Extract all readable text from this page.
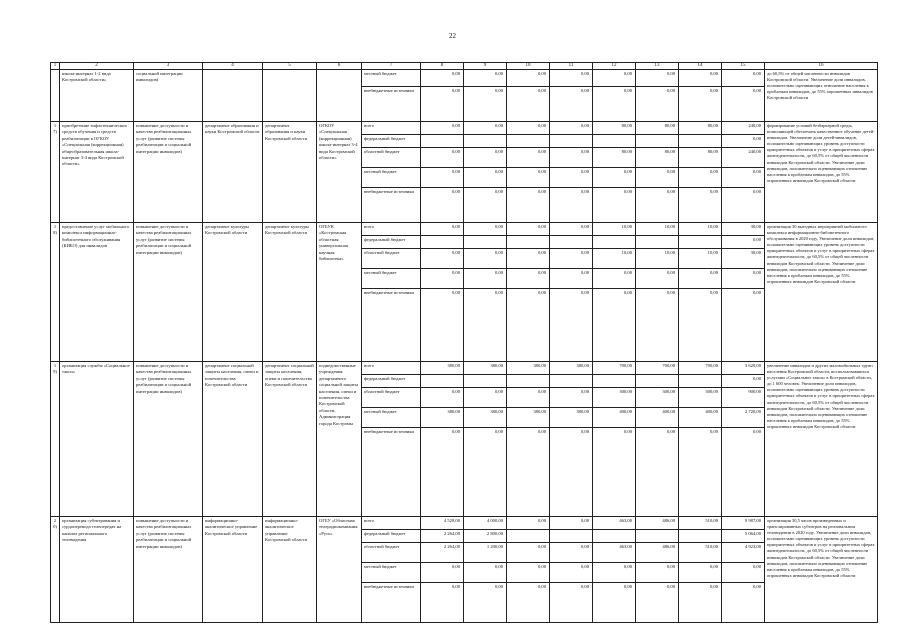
22
1	2	3	4	5	6	7	8	9	10	11	12	13	14	15	16
	школа-интернат 1-2 вида Костромской области»	социальной интеграции инвалидов)				местный бюджет	0,00	0,00	0,00	0,00	0,00	0,00	0,00	0,00	до 60,5% от общей численности инвалидов Костромской области. Увеличение доли инвалидов, положительно оценивающих отношение населения к проблемам инвалидов, до 55% опрошенных инвалидов Костромской области
						внебюджетные источники	0,00	0,00	0,00	0,00	0,00	0,00	0,00	0,00	
17)	приобретение тифлотехнических средств обучения и средств реабилитации в ОГКОУ «Специальная (коррекционная) общеобразовательная школа-интернат 3-4 вида Костромской области»	повышение доступности и качества реабилитационных услуг (развитие системы реабилитации и социальной интеграции инвалидов)	департамент образования и науки Костромской области	департамент образования и науки Костромской области	ОГКОУ «Специальная (коррекционная) школа-интернат 3-4 вида Костромской области»	всего	0,00	0,00	0,00	0,00	80,00	80,00	80,00	240,00	формирование условий безбарьерной среды, позволяющей обеспечить качественное обучение детей-инвалидов. Увеличение доли детей-инвалидов, положительно оценивающих уровень доступности приоритетных объектов и услуг в приоритетных сферах жизнедеятельности, до 60,5% от общей численности инвалидов Костромской области. Увеличение доли инвалидов, положительно оценивающих отношение населения к проблемам инвалидов, до 55% опрошенных инвалидов Костромской области
						федеральный бюджет								0,00	
						областной бюджет	0,00	0,00	0,00	0,00	80,00	80,00	80,00	240,00	
						местный бюджет	0,00	0,00	0,00	0,00	0,00	0,00	0,00	0,00	
						внебюджетные источники	0,00	0,00	0,00	0,00	0,00	0,00	0,00	0,00	
18)	предоставление услуг мобильного комплекса информационно-библиотечного обслуживания (КИБО) для инвалидов	повышение доступности и качества реабилитационных услуг (развитие системы реабилитации и социальной интеграции инвалидов)	департамент культуры Костромской области	департамент культуры Костромской области	ОГБУК «Костромская областная универсальная научная библиотека»	всего	0,00	0,00	0,00	0,00	10,00	10,00	10,00	30,00	организация 30 выездных мероприятий мобильного комплекса информационно-библиотечного обслуживания в 2020 году. Увеличение доли инвалидов, положительно оценивающих уровень доступности приоритетных объектов и услуг в приоритетных сферах жизнедеятельности, до 60,5% от общей численности инвалидов Костромской области. Увеличение доли инвалидов, положительно оценивающих отношение населения к проблемам инвалидов, до 55% опрошенных инвалидов Костромской области
						федеральный бюджет								0,00	
						областной бюджет	0,00	0,00	0,00	0,00	10,00	10,00	10,00	30,00	
						местный бюджет	0,00	0,00	0,00	0,00	0,00	0,00	0,00	0,00	
						внебюджетные источники	0,00	0,00	0,00	0,00	0,00	0,00	0,00	0,00	
19)	организация службы «Социальное такси»	повышение доступности и качества реабилитационных услуг (развитие системы реабилитации и социальной интеграции инвалидов)	департамент социальной защиты населения, опеки и попечительства Костромской области	департамент социальной защиты населения, опеки и попечительства Костромской области	подведомственные учреждения департамента социальной защиты населения, опеки и попечительства Костромской области, Администрация города Костромы	всего	380,00	380,00	380,00	380,00	700,00	700,00	700,00	3 620,00	увеличение инвалидов и других маломобильных групп населения Костромской области, воспользовавшихся услугами «Социальное такси» в Костромской области, до 1 600 человек. Увеличение доли инвалидов, положительно оценивающих уровень доступности приоритетных объектов и услуг в приоритетных сферах жизнедеятельности, до 60,5% от общей численности инвалидов Костромской области. Увеличение доли инвалидов, положительно оценивающих отношение населения к проблемам инвалидов, до 55% опрошенных инвалидов Костромской области
						федеральный бюджет								0,00	
						областной бюджет	0,00	0,00	0,00	0,00	300,00	300,00	300,00	900,00	
						местный бюджет	380,00	380,00	380,00	380,00	400,00	400,00	400,00	2 720,00	
						внебюджетные источники	0,00	0,00	0,00	0,00	0,00	0,00	0,00	0,00	
20)	организация субтитрования и сурдоперевода телепередач на каналах регионального телевидения	повышение доступности и качества реабилитационных услуг (развитие системы реабилитации и социальной интеграции инвалидов)	информационно-аналитическое управление Костромской области	информационно-аналитическое управление Костромской области	ОГБУ «Областная телерадиокомпания «Русь»	всего	4 528,00	4 000,00	0,00	0,00	463,00	486,00	510,00	9 987,00	организация 30,5 часов произведенных и транслированных субтитров на региональном телевидении в 2020 году. Увеличение доли инвалидов, положительно оценивающих уровень доступности приоритетных объектов и услуг в приоритетных сферах жизнедеятельности, до 60,5% от общей численности инвалидов Костромской области. Увеличение доли инвалидов, положительно оценивающих отношение населения к проблемам инвалидов, до 55% опрошенных инвалидов Костромской области
						федеральный бюджет	2 264,00	2 800,00						5 064,00	
						областной бюджет	2 264,00	1 200,00	0,00	0,00	463,00	486,00	510,00	4 923,00	
						местный бюджет	0,00	0,00	0,00	0,00	0,00	0,00	0,00	0,00	
						внебюджетные источники	0,00	0,00	0,00	0,00	0,00	0,00	0,00	0,00	
